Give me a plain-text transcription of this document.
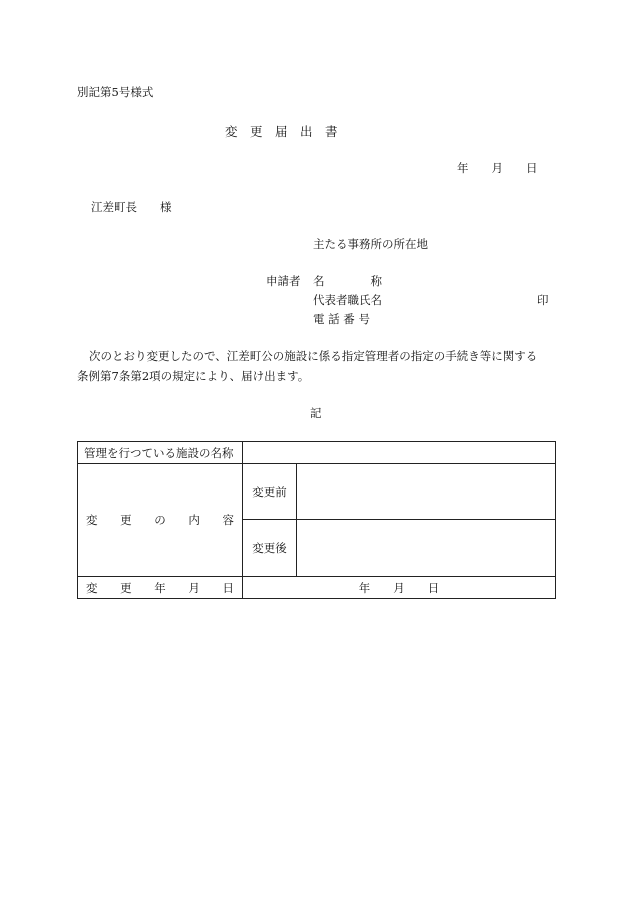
別記第5号様式
変　更　届　出　書
年　　月　　日
江差町長　　様
主たる事務所の所在地
申請者 名　　　　称
代表者職氏名	印
電 話 番 号
次のとおり変更したので、江差町公の施設に係る指定管理者の指定の手続き等に関する
条例第7条第2項の規定により、届け出ます。
記
管理を行つている施設の名称		

変 更 の 内 容	変更前	
	変更後	

変 更 年 月 日	年　　月　　日	
